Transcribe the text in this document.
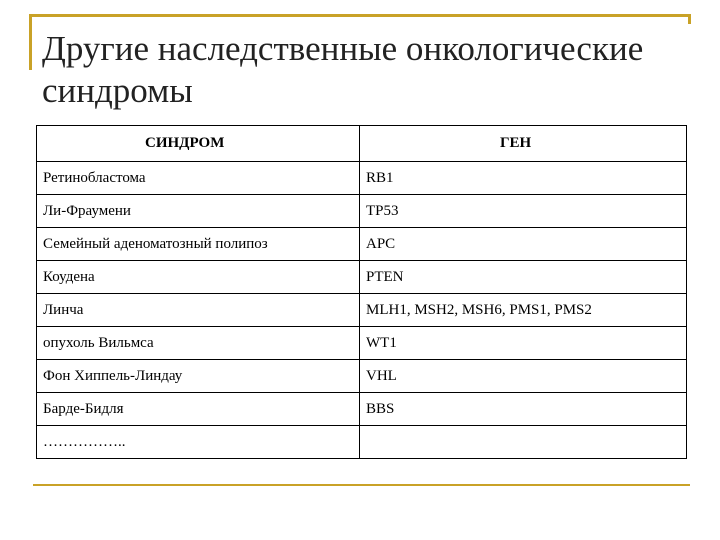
Другие наследственные онкологические синдромы
СИНДРОМ	ГЕН
Ретинобластома	RB1
Ли-Фраумени	TP53
Семейный аденоматозный полипоз	APC
Коудена	PTEN
Линча	MLH1, MSH2, MSH6, PMS1, PMS2
опухоль Вильмса	WT1
Фон Хиппель-Линдау	VHL
Барде-Бидля	BBS
……………..	
